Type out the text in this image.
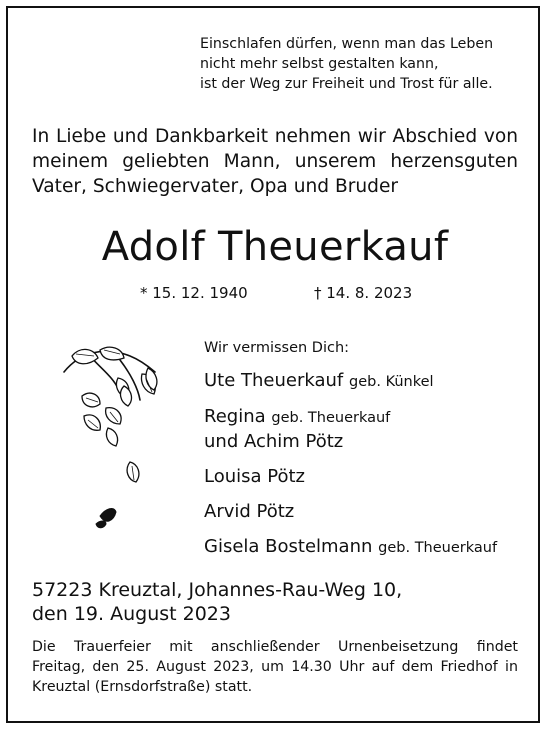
Einschlafen dürfen, wenn man das Leben
nicht mehr selbst gestalten kann,
ist der Weg zur Freiheit und Trost für alle.
In Liebe und Dankbarkeit nehmen wir Abschied von
meinem geliebten Mann, unserem herzensguten
Vater, Schwiegervater, Opa und Bruder
Adolf Theuerkauf
* 15. 12. 1940	† 14. 8. 2023
Wir vermissen Dich:
Ute Theuerkauf geb. Künkel
Regina geb. Theuerkauf
und Achim Pötz
Louisa Pötz
Arvid Pötz
Gisela Bostelmann geb. Theuerkauf
57223 Kreuztal, Johannes-Rau-Weg 10,
den 19. August 2023
Die Trauerfeier mit anschließender Urnenbeisetzung findet
Freitag, den 25. August 2023, um 14.30 Uhr auf dem Friedhof in
Kreuztal (Ernsdorfstraße) statt.
